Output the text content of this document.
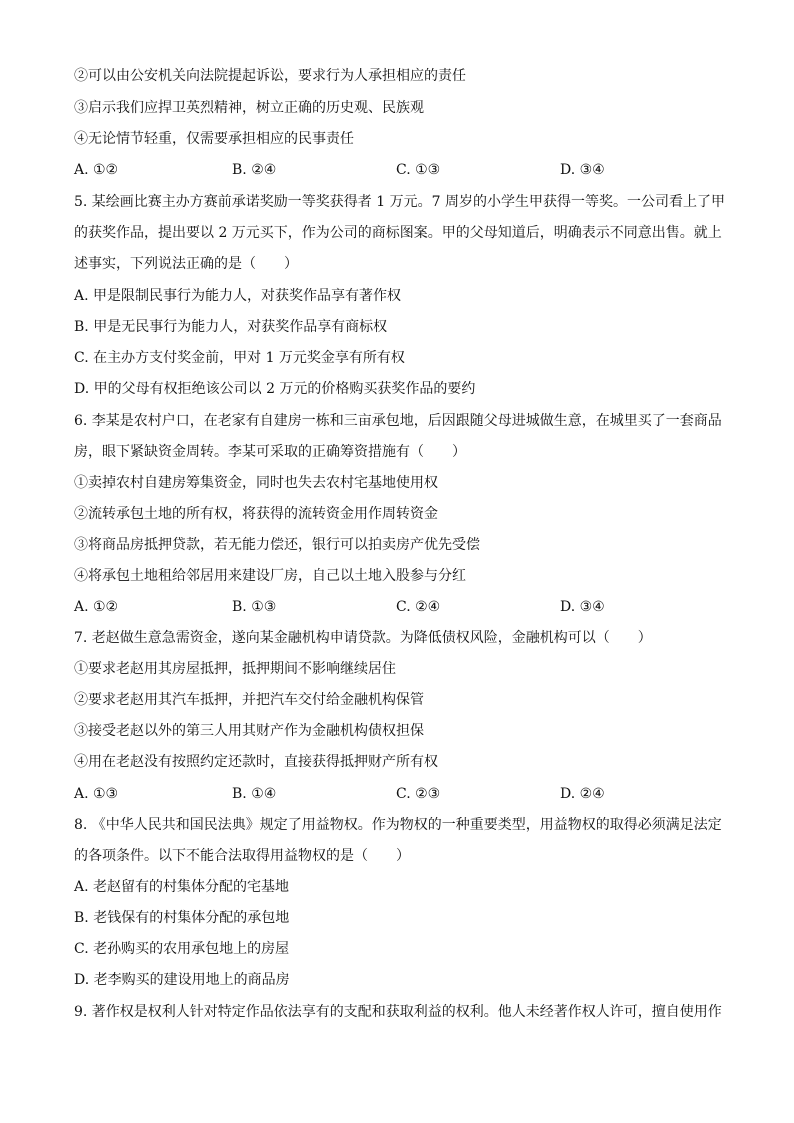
②可以由公安机关向法院提起诉讼，要求行为人承担相应的责任
③启示我们应捍卫英烈精神，树立正确的历史观、民族观
④无论情节轻重，仅需要承担相应的民事责任
A. ①②	B. ②④	C. ①③	D. ③④
5. 某绘画比赛主办方赛前承诺奖励一等奖获得者 1 万元。7 周岁的小学生甲获得一等奖。一公司看上了甲
的获奖作品，提出要以 2 万元买下，作为公司的商标图案。甲的父母知道后，明确表示不同意出售。就上
述事实，下列说法正确的是（　　）
A. 甲是限制民事行为能力人，对获奖作品享有著作权
B. 甲是无民事行为能力人，对获奖作品享有商标权
C. 在主办方支付奖金前，甲对 1 万元奖金享有所有权
D. 甲的父母有权拒绝该公司以 2 万元的价格购买获奖作品的要约
6. 李某是农村户口，在老家有自建房一栋和三亩承包地，后因跟随父母进城做生意，在城里买了一套商品
房，眼下紧缺资金周转。李某可采取的正确筹资措施有（　　）
①卖掉农村自建房筹集资金，同时也失去农村宅基地使用权
②流转承包土地的所有权，将获得的流转资金用作周转资金
③将商品房抵押贷款，若无能力偿还，银行可以拍卖房产优先受偿
④将承包土地租给邻居用来建设厂房，自己以土地入股参与分红
A. ①②	B. ①③	C. ②④	D. ③④
7. 老赵做生意急需资金，遂向某金融机构申请贷款。为降低债权风险，金融机构可以（　　）
①要求老赵用其房屋抵押，抵押期间不影响继续居住
②要求老赵用其汽车抵押，并把汽车交付给金融机构保管
③接受老赵以外的第三人用其财产作为金融机构债权担保
④用在老赵没有按照约定还款时，直接获得抵押财产所有权
A. ①③	B. ①④	C. ②③	D. ②④
8. 《中华人民共和国民法典》规定了用益物权。作为物权的一种重要类型，用益物权的取得必须满足法定
的各项条件。以下不能合法取得用益物权的是（　　）
A. 老赵留有的村集体分配的宅基地
B. 老钱保有的村集体分配的承包地
C. 老孙购买的农用承包地上的房屋
D. 老李购买的建设用地上的商品房
9. 著作权是权利人针对特定作品依法享有的支配和获取利益的权利。他人未经著作权人许可，擅自使用作
